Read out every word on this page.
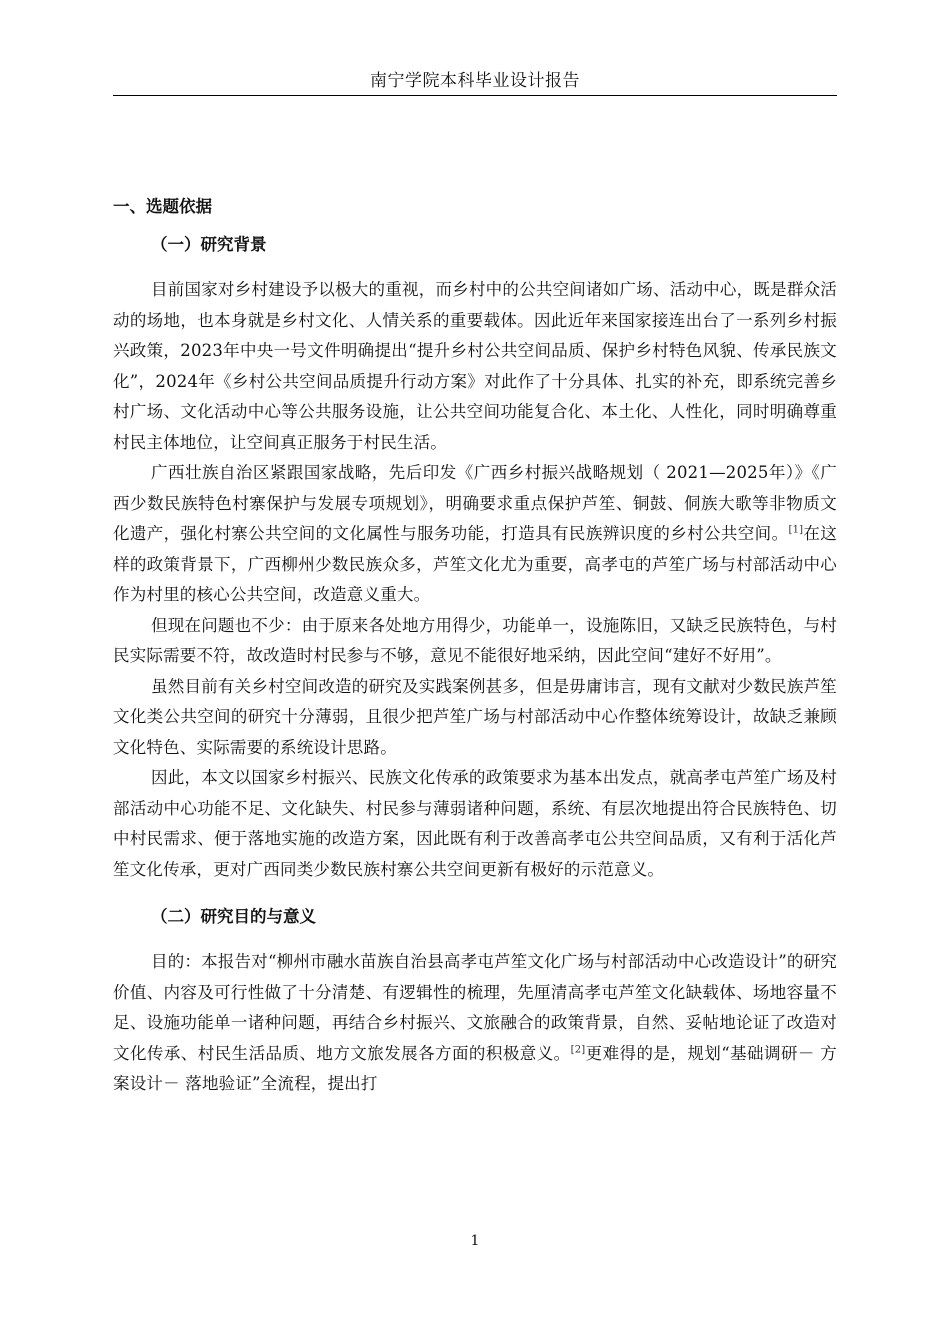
南宁学院本科毕业设计报告
一、选题依据
（一）研究背景

目前国家对乡村建设予以极大的重视，而乡村中的公共空间诸如广场、活动中心，既是群众活动的场地，也本身就是乡村文化、人情关系的重要载体。因此近年来国家接连出台了一系列乡村振兴政策，2023年中央一号文件明确提出“提升乡村公共空间品质、保护乡村特色风貌、传承民族文化”，2024年《乡村公共空间品质提升行动方案》对此作了十分具体、扎实的补充，即系统完善乡村广场、文化活动中心等公共服务设施，让公共空间功能复合化、本土化、人性化，同时明确尊重村民主体地位，让空间真正服务于村民生活。

广西壮族自治区紧跟国家战略，先后印发《广西乡村振兴战略规划（ 2021—2025年）》《广西少数民族特色村寨保护与发展专项规划》，明确要求重点保护芦笙、铜鼓、侗族大歌等非物质文化遗产，强化村寨公共空间的文化属性与服务功能，打造具有民族辨识度的乡村公共空间。[1]在这样的政策背景下，广西柳州少数民族众多，芦笙文化尤为重要，高孝屯的芦笙广场与村部活动中心作为村里的核心公共空间，改造意义重大。

但现在问题也不少：由于原来各处地方用得少，功能单一，设施陈旧，又缺乏民族特色，与村民实际需要不符，故改造时村民参与不够，意见不能很好地采纳，因此空间“建好不好用”。

虽然目前有关乡村空间改造的研究及实践案例甚多，但是毋庸讳言，现有文献对少数民族芦笙文化类公共空间的研究十分薄弱，且很少把芦笙广场与村部活动中心作整体统筹设计，故缺乏兼顾文化特色、实际需要的系统设计思路。

因此，本文以国家乡村振兴、民族文化传承的政策要求为基本出发点，就高孝屯芦笙广场及村部活动中心功能不足、文化缺失、村民参与薄弱诸种问题，系统、有层次地提出符合民族特色、切中村民需求、便于落地实施的改造方案，因此既有利于改善高孝屯公共空间品质，又有利于活化芦笙文化传承，更对广西同类少数民族村寨公共空间更新有极好的示范意义。

（二）研究目的与意义

目的：本报告对“柳州市融水苗族自治县高孝屯芦笙文化广场与村部活动中心改造设计”的研究价值、内容及可行性做了十分清楚、有逻辑性的梳理，先厘清高孝屯芦笙文化缺载体、场地容量不足、设施功能单一诸种问题，再结合乡村振兴、文旅融合的政策背景，自然、妥帖地论证了改造对文化传承、村民生活品质、地方文旅发展各方面的积极意义。[2]更难得的是，规划“基础调研－ 方案设计－ 落地验证”全流程，提出打

1
